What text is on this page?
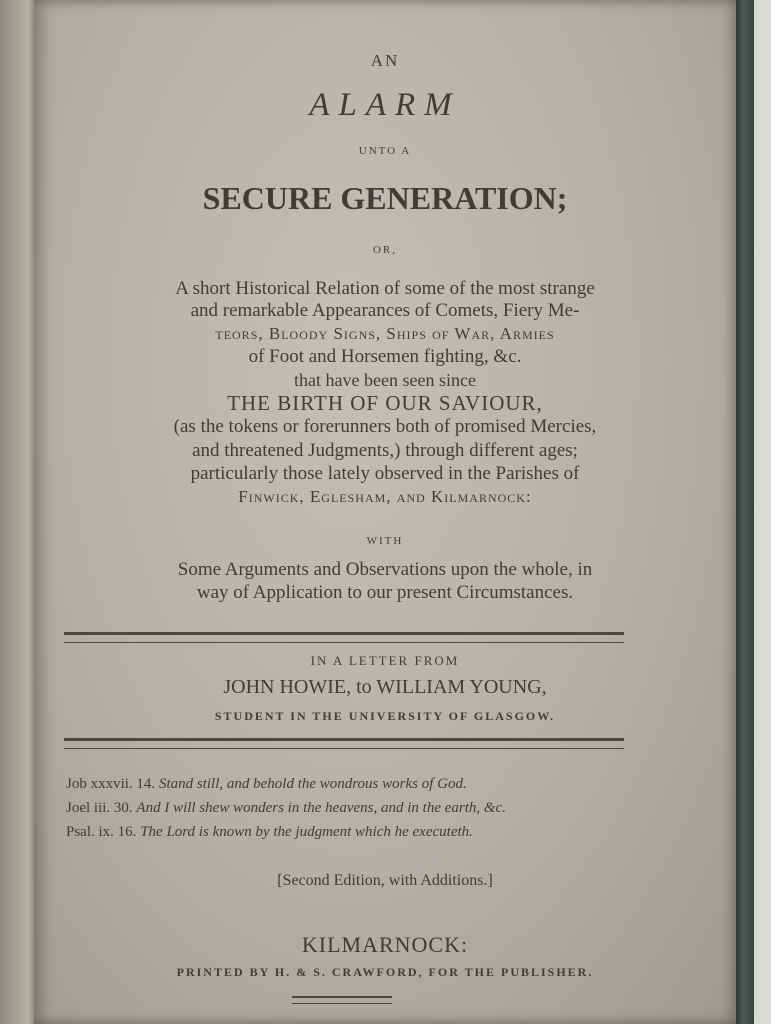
AN

ALARM

UNTO A

SECURE GENERATION;

OR,

A short Historical Relation of some of the most strange

and remarkable Appearances of Comets, Fiery Me-

teors, Bloody Signs, Ships of War, Armies

of Foot and Horsemen fighting, &c.

that have been seen since

THE BIRTH OF OUR SAVIOUR,

(as the tokens or forerunners both of promised Mercies,

and threatened Judgments,) through different ages;

particularly those lately observed in the Parishes of

Finwick, Eglesham, and Kilmarnock:

WITH

Some Arguments and Observations upon the whole, in

way of Application to our present Circumstances.

IN A LETTER FROM

JOHN HOWIE, to WILLIAM YOUNG,

STUDENT IN THE UNIVERSITY OF GLASGOW.

Job xxxvii. 14. Stand still, and behold the wondrous works of God.
Joel iii. 30. And I will shew wonders in the heavens, and in the earth, &c.
Psal. ix. 16. The Lord is known by the judgment which he executeth.

[Second Edition, with Additions.]

KILMARNOCK:

PRINTED BY H. & S. CRAWFORD, FOR THE PUBLISHER.
